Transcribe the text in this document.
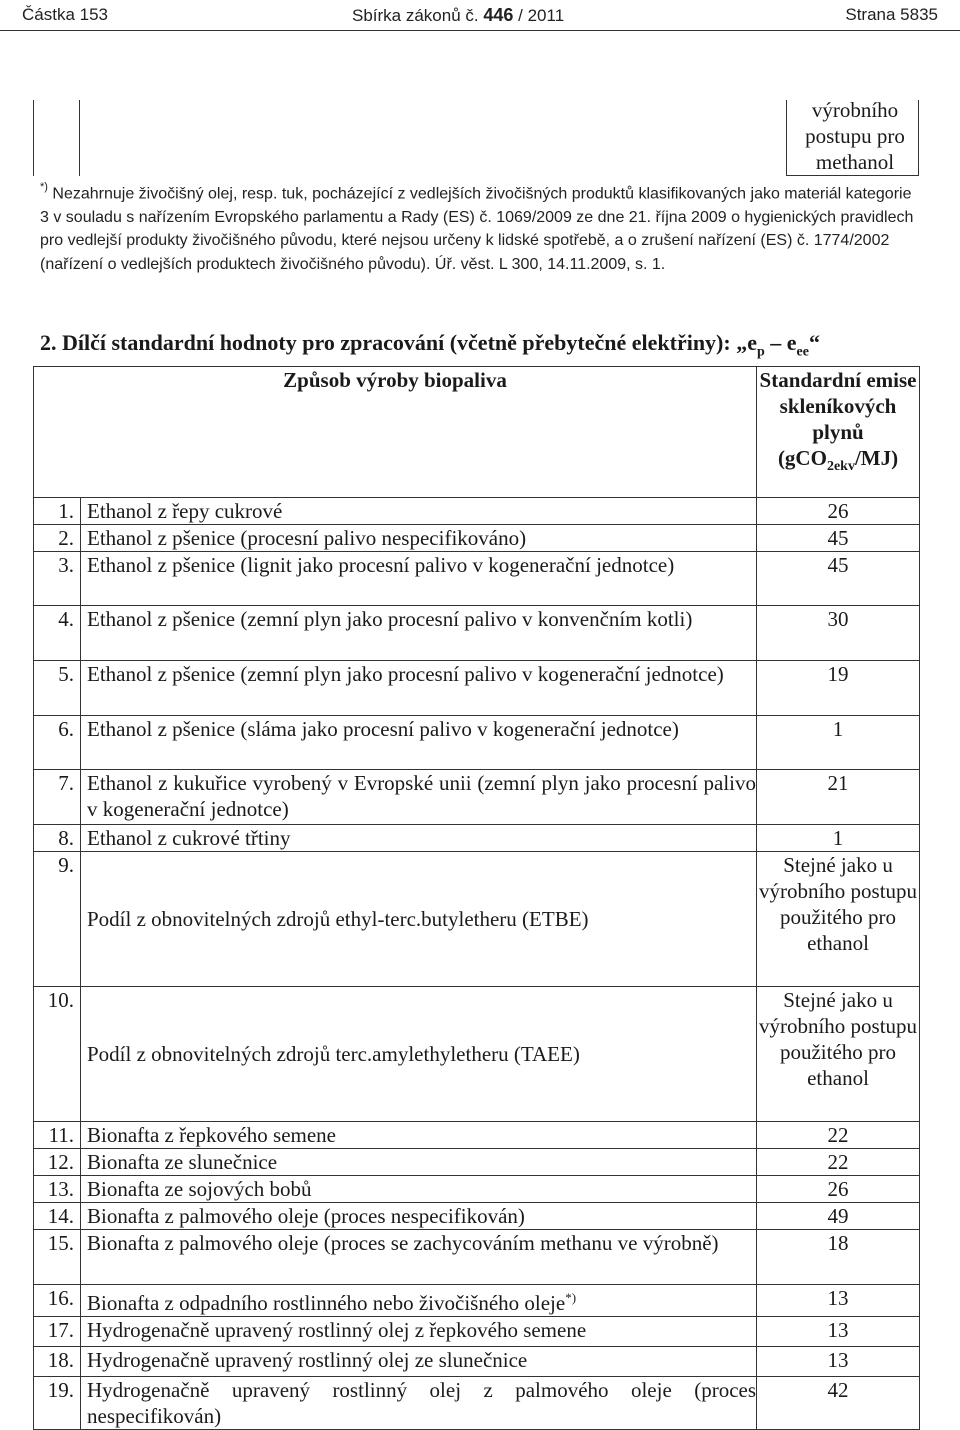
Částka 153	Sbírka zákonů č. 446 / 2011	Strana 5835
výrobního postupu pro methanol
*) Nezahrnuje živočišný olej, resp. tuk, pocházející z vedlejších živočišných produktů klasifikovaných jako materiál kategorie 3 v souladu s nařízením Evropského parlamentu a Rady (ES) č. 1069/2009 ze dne 21. října 2009 o hygienických pravidlech pro vedlejší produkty živočišného původu, které nejsou určeny k lidské spotřebě, a o zrušení nařízení (ES) č. 1774/2002 (nařízení o vedlejších produktech živočišného původu). Úř. věst. L 300, 14.11.2009, s. 1.
2. Dílčí standardní hodnoty pro zpracování (včetně přebytečné elektřiny): $„e_p$ – $e_{ee}“$
Způsob výroby biopaliva		Standardní emise skleníkových plynů (gCO$_{2ekv}$/MJ)
1.	Ethanol z řepy cukrové	26
2.	Ethanol z pšenice (procesní palivo nespecifikováno)	45
3.	Ethanol z pšenice (lignit jako procesní palivo v kogenerační jednotce)	45
4.	Ethanol z pšenice (zemní plyn jako procesní palivo v konvenčním kotli)	30
5.	Ethanol z pšenice (zemní plyn jako procesní palivo v kogenerační jednotce)	19
6.	Ethanol z pšenice (sláma jako procesní palivo v kogenerační jednotce)	1
7.	Ethanol z kukuřice vyrobený v Evropské unii (zemní plyn jako procesní palivo v kogenerační jednotce)	21
8.	Ethanol z cukrové třtiny	1
9.	Podíl z obnovitelných zdrojů ethyl-terc.butyletheru (ETBE)	Stejné jako u výrobního postupu použitého pro ethanol
10.	Podíl z obnovitelných zdrojů terc.amylethyletheru (TAEE)	Stejné jako u výrobního postupu použitého pro ethanol
11.	Bionafta z řepkového semene	22
12.	Bionafta ze slunečnice	22
13.	Bionafta ze sojových bobů	26
14.	Bionafta z palmového oleje (proces nespecifikován)	49
15.	Bionafta z palmového oleje (proces se zachycováním methanu ve výrobně)	18
16.	Bionafta z odpadního rostlinného nebo živočišného oleje*)	13
17.	Hydrogenačně upravený rostlinný olej z řepkového semene	13
18.	Hydrogenačně upravený rostlinný olej ze slunečnice	13
19.	Hydrogenačně upravený rostlinný olej z palmového oleje (proces nespecifikován)	42
